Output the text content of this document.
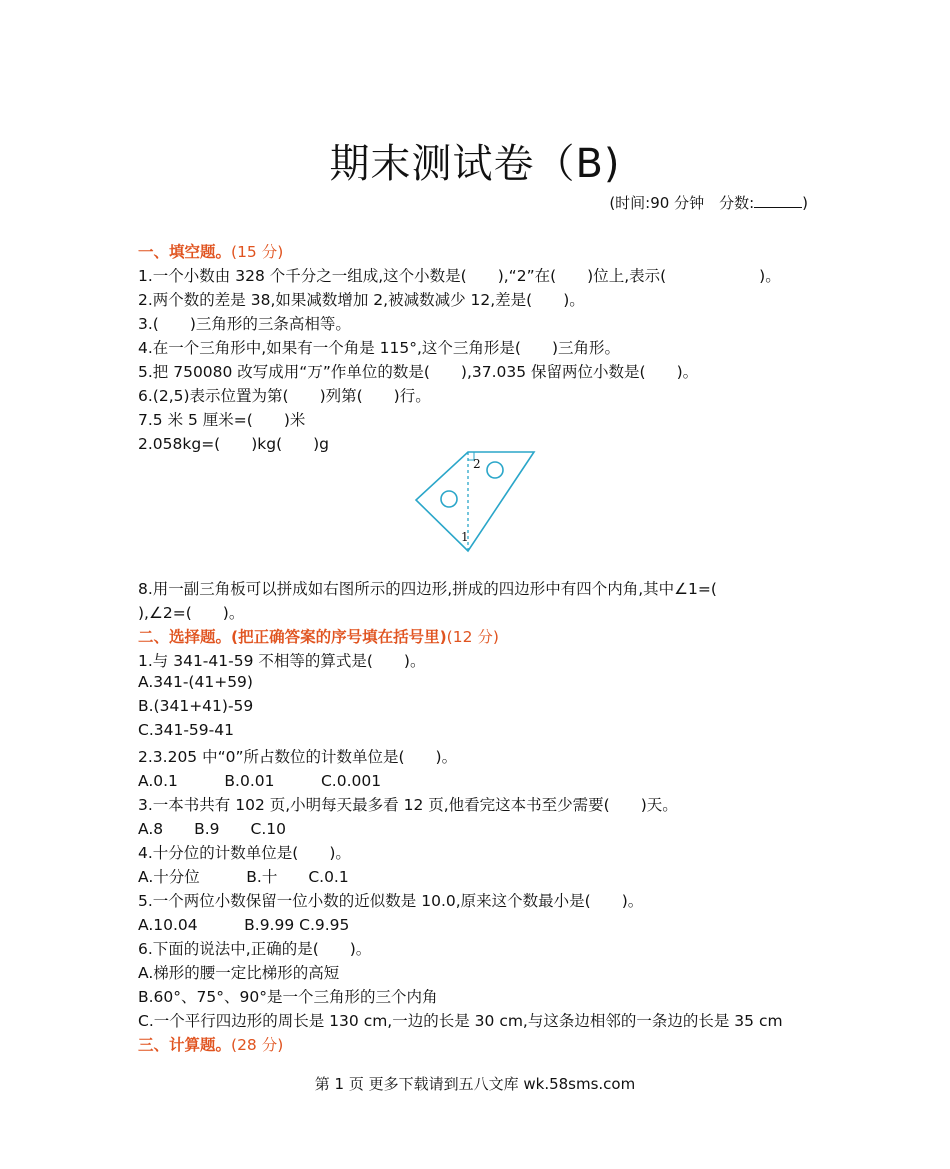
期末测试卷（B)
(时间:90 分钟　分数:	)
一、填空题。(15 分)
1.一个小数由 328 个千分之一组成,这个小数是(　　),“2”在(　　)位上,表示(　　　　　　)。
2.两个数的差是 38,如果减数增加 2,被减数减少 12,差是(　　)。
3.(　　)三角形的三条高相等。
4.在一个三角形中,如果有一个角是 115°,这个三角形是(　　)三角形。
5.把 750080 改写成用“万”作单位的数是(　　),37.035 保留两位小数是(　　)。
6.(2,5)表示位置为第(　　)列第(　　)行。
7.5 米 5 厘米=(　　)米
2.058kg=(　　)kg(　　)g
2
1
8.用一副三角板可以拼成如右图所示的四边形,拼成的四边形中有四个内角,其中∠1=(
),∠2=(　　)。
二、选择题。(把正确答案的序号填在括号里)(12 分)
1.与 341-41-59 不相等的算式是(　　)。
A.341-(41+59)
B.(341+41)-59
C.341-59-41
2.3.205 中“0”所占数位的计数单位是(　　)。
A.0.1　　　B.0.01　　　C.0.001
3.一本书共有 102 页,小明每天最多看 12 页,他看完这本书至少需要(　　)天。
A.8　　B.9　　C.10
4.十分位的计数单位是(　　)。
A.十分位　　　B.十　　C.0.1
5.一个两位小数保留一位小数的近似数是 10.0,原来这个数最小是(　　)。
A.10.04　　　B.9.99 C.9.95
6.下面的说法中,正确的是(　　)。
A.梯形的腰一定比梯形的高短
B.60°、75°、90°是一个三角形的三个内角
C.一个平行四边形的周长是 130 cm,一边的长是 30 cm,与这条边相邻的一条边的长是 35 cm
三、计算题。(28 分)
第 1 页 更多下载请到五八文库 wk.58sms.com
